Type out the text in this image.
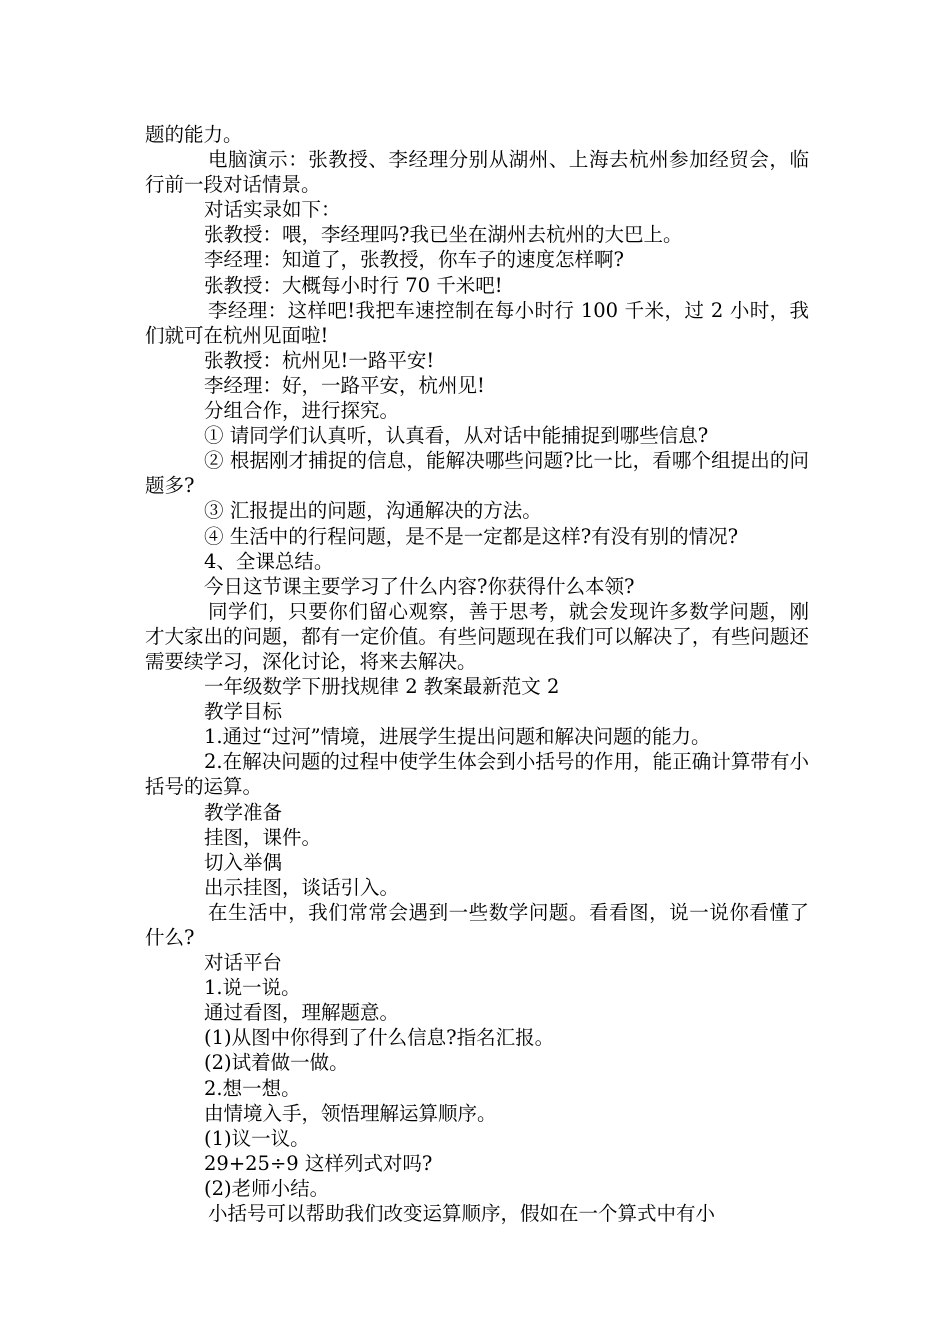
题的能力。

电脑演示：张教授、李经理分别从湖州、上海去杭州参加经贸会，临行前一段对话情景。

对话实录如下：

张教授：喂，李经理吗?我已坐在湖州去杭州的大巴上。

李经理：知道了，张教授，你车子的速度怎样啊?

张教授：大概每小时行 70 千米吧!

李经理：这样吧!我把车速控制在每小时行 100 千米，过 2 小时，我们就可在杭州见面啦!

张教授：杭州见!一路平安!

李经理：好，一路平安，杭州见!

分组合作，进行探究。

① 请同学们认真听，认真看，从对话中能捕捉到哪些信息?

② 根据刚才捕捉的信息，能解决哪些问题?比一比，看哪个组提出的问题多?

③ 汇报提出的问题，沟通解决的方法。

④ 生活中的行程问题，是不是一定都是这样?有没有别的情况?

4、全课总结。

今日这节课主要学习了什么内容?你获得什么本领?

同学们，只要你们留心观察，善于思考，就会发现许多数学问题，刚才大家出的问题，都有一定价值。有些问题现在我们可以解决了，有些问题还需要续学习，深化讨论，将来去解决。

一年级数学下册找规律 2 教案最新范文 2

教学目标

1.通过“过河”情境，进展学生提出问题和解决问题的能力。

2.在解决问题的过程中使学生体会到小括号的作用，能正确计算带有小括号的运算。

教学准备

挂图，课件。

切入举偶

出示挂图，谈话引入。

在生活中，我们常常会遇到一些数学问题。看看图，说一说你看懂了什么?

对话平台

1.说一说。

通过看图，理解题意。

(1)从图中你得到了什么信息?指名汇报。

(2)试着做一做。

2.想一想。

由情境入手，领悟理解运算顺序。

(1)议一议。

29+25÷9 这样列式对吗?

(2)老师小结。

小括号可以帮助我们改变运算顺序，假如在一个算式中有小
